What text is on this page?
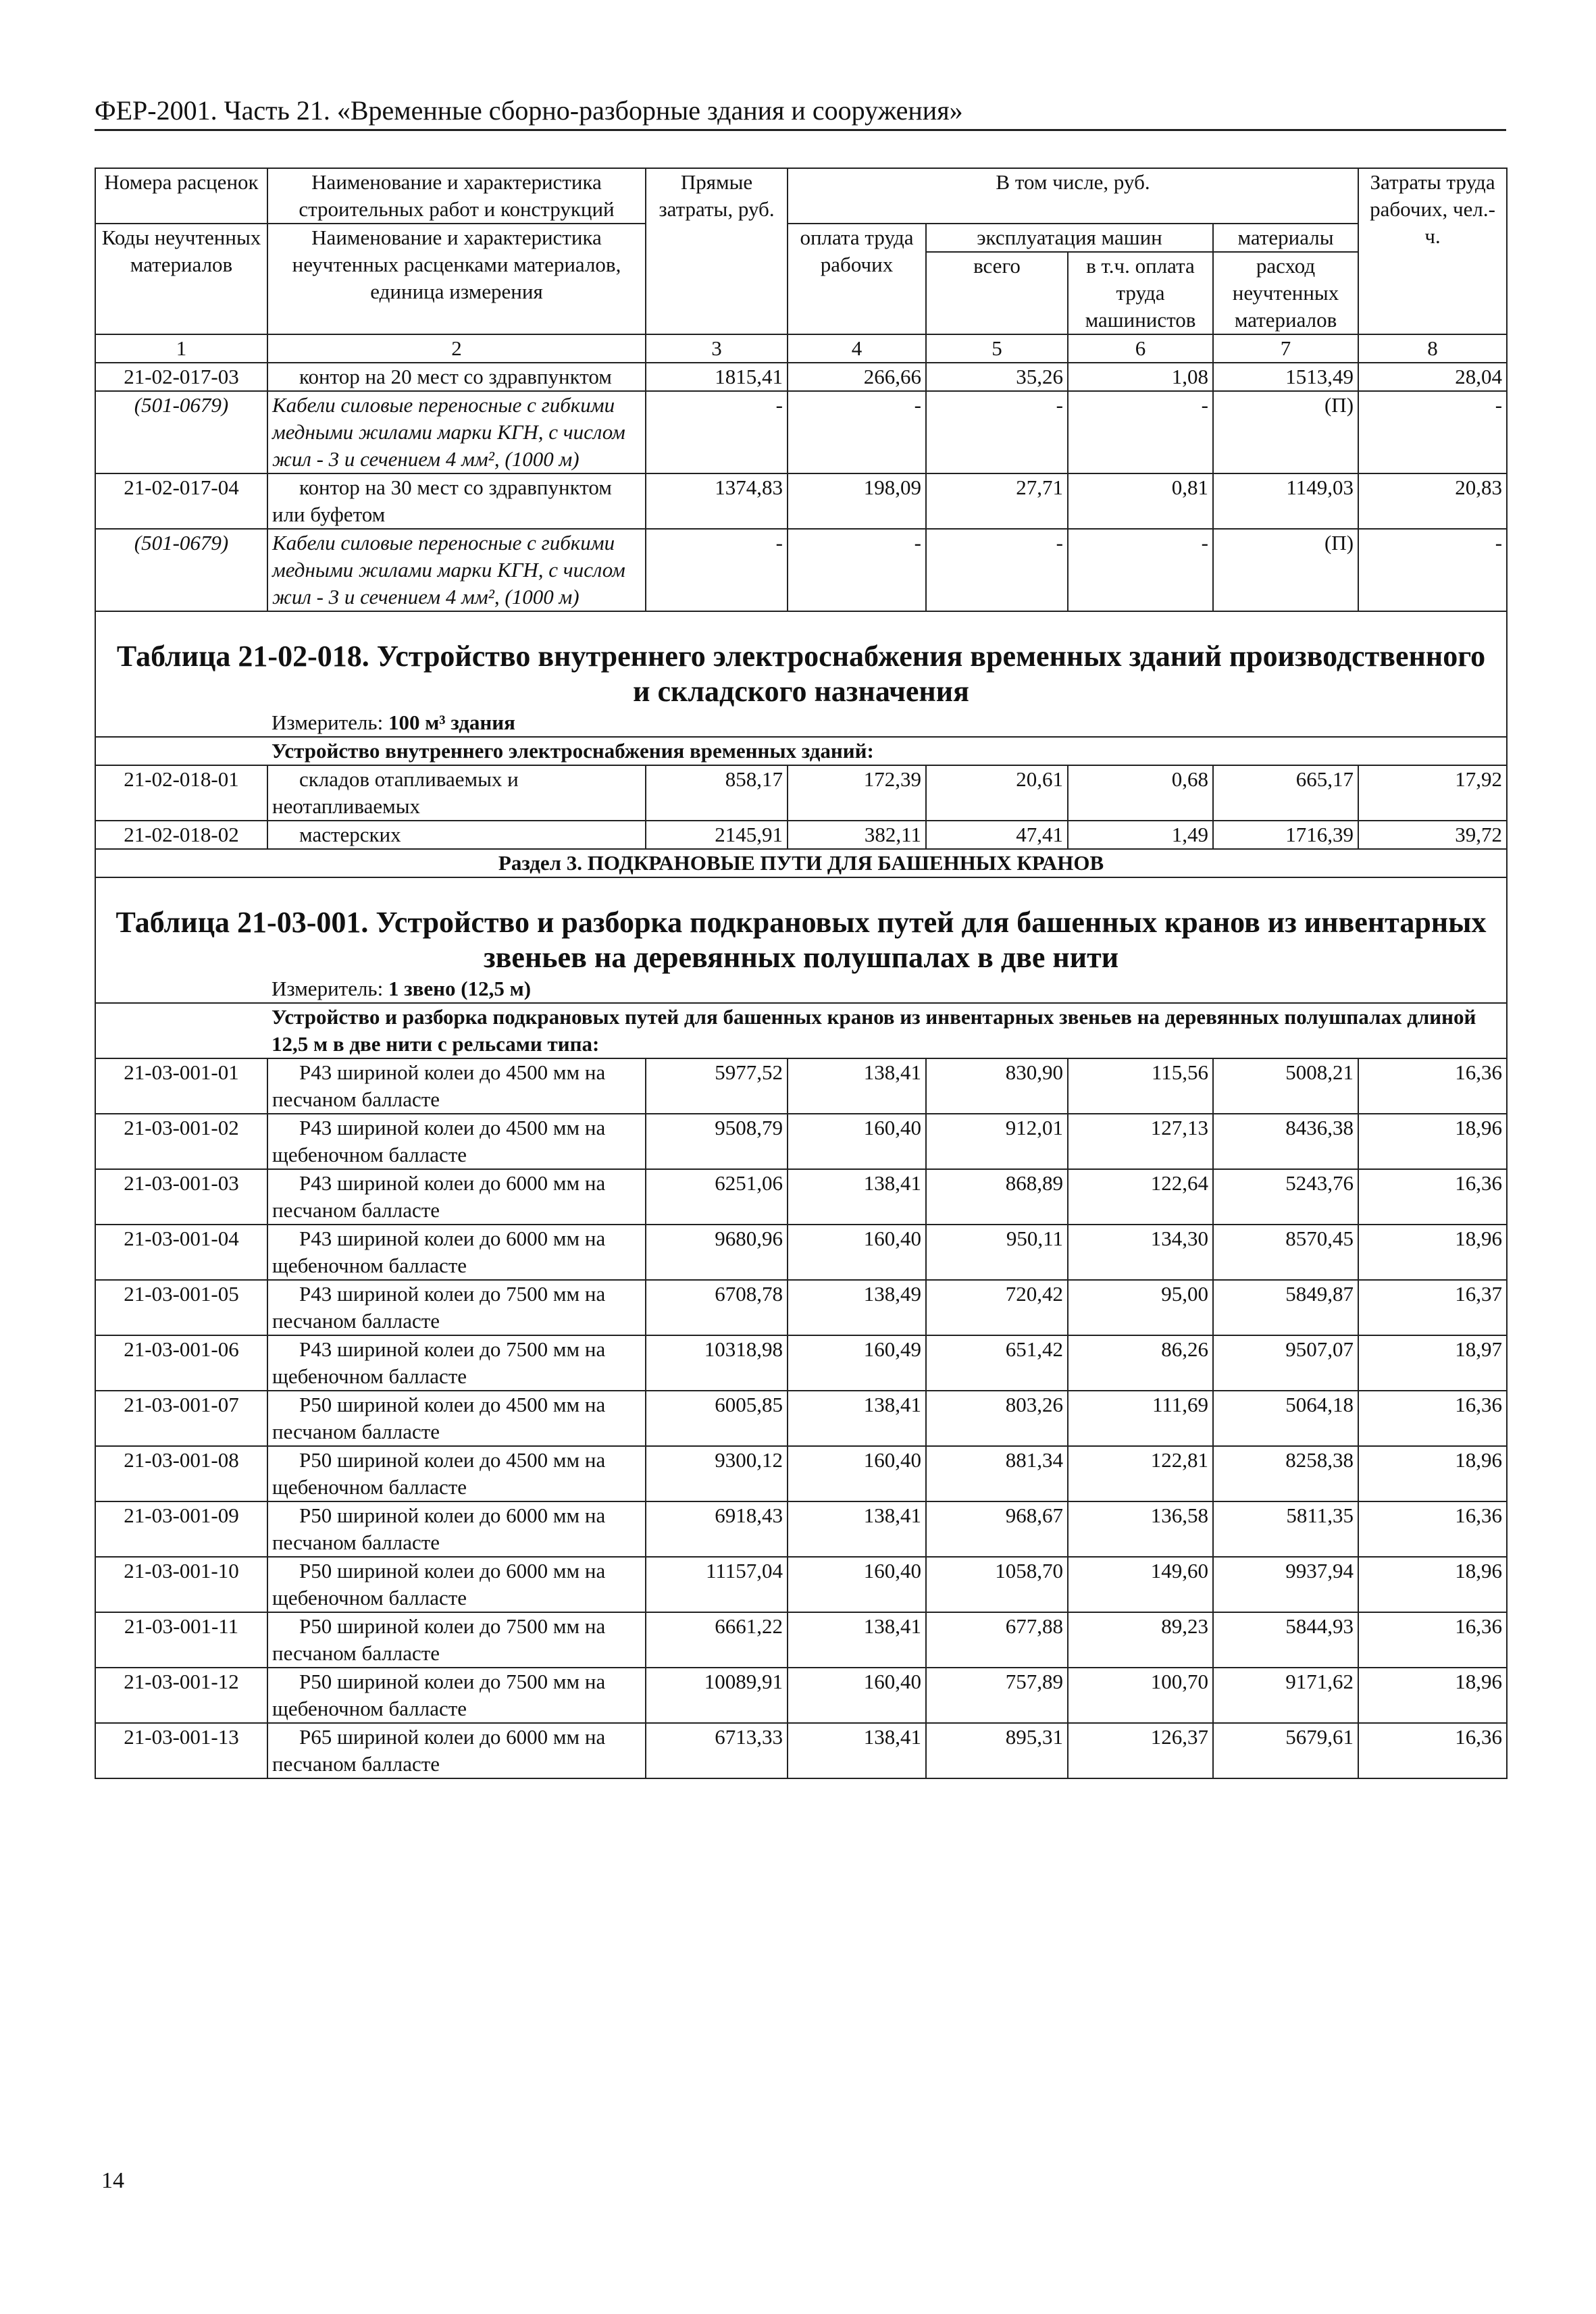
ФЕР-2001. Часть 21. «Временные сборно-разборные здания и сооружения»
Номера расценок	Наименование и характеристика строительных работ и конструкций	Прямые затраты, руб.	В том числе, руб.				Затраты труда рабочих, чел.-ч.
Коды неучтенных материалов	Наименование и характеристика неучтенных расценками материалов, единица измерения		оплата труда рабочих	эксплуатация машин		материалы	
				всего	в т.ч. оплата труда машинистов	расход неучтенных материалов	
1	2	3	4	5	6	7	8
21-02-017-03	контор на 20 мест со здравпунктом	1815,41	266,66	35,26	1,08	1513,49	28,04
(501-0679)	Кабели силовые переносные с гибкими медными жилами марки КГН, с числом жил - 3 и сечением 4 мм², (1000 м)	-	-	-	-	(П)	-
21-02-017-04	контор на 30 мест со здравпунктом или буфетом	1374,83	198,09	27,71	0,81	1149,03	20,83
(501-0679)	Кабели силовые переносные с гибкими медными жилами марки КГН, с числом жил - 3 и сечением 4 мм², (1000 м)	-	-	-	-	(П)	-

Таблица 21-02-018. Устройство внутреннего электроснабжения временных зданий производственного и складского назначения
Измеритель: 100 м³ здания							

Устройство внутреннего электроснабжения временных зданий:							
21-02-018-01	складов отапливаемых и неотапливаемых	858,17	172,39	20,61	0,68	665,17	17,92
21-02-018-02	мастерских	2145,91	382,11	47,41	1,49	1716,39	39,72
Раздел 3. ПОДКРАНОВЫЕ ПУТИ ДЛЯ БАШЕННЫХ КРАНОВ							

Таблица 21-03-001. Устройство и разборка подкрановых путей для башенных кранов из инвентарных звеньев на деревянных полушпалах в две нити
Измеритель: 1 звено (12,5 м)							

Устройство и разборка подкрановых путей для башенных кранов из инвентарных звеньев на деревянных полушпалах длиной 12,5 м в две нити с рельсами типа:							
21-03-001-01	Р43 шириной колеи до 4500 мм на песчаном балласте	5977,52	138,41	830,90	115,56	5008,21	16,36
21-03-001-02	Р43 шириной колеи до 4500 мм на щебеночном балласте	9508,79	160,40	912,01	127,13	8436,38	18,96
21-03-001-03	Р43 шириной колеи до 6000 мм на песчаном балласте	6251,06	138,41	868,89	122,64	5243,76	16,36
21-03-001-04	Р43 шириной колеи до 6000 мм на щебеночном балласте	9680,96	160,40	950,11	134,30	8570,45	18,96
21-03-001-05	Р43 шириной колеи до 7500 мм на песчаном балласте	6708,78	138,49	720,42	95,00	5849,87	16,37
21-03-001-06	Р43 шириной колеи до 7500 мм на щебеночном балласте	10318,98	160,49	651,42	86,26	9507,07	18,97
21-03-001-07	Р50 шириной колеи до 4500 мм на песчаном балласте	6005,85	138,41	803,26	111,69	5064,18	16,36
21-03-001-08	Р50 шириной колеи до 4500 мм на щебеночном балласте	9300,12	160,40	881,34	122,81	8258,38	18,96
21-03-001-09	Р50 шириной колеи до 6000 мм на песчаном балласте	6918,43	138,41	968,67	136,58	5811,35	16,36
21-03-001-10	Р50 шириной колеи до 6000 мм на щебеночном балласте	11157,04	160,40	1058,70	149,60	9937,94	18,96
21-03-001-11	Р50 шириной колеи до 7500 мм на песчаном балласте	6661,22	138,41	677,88	89,23	5844,93	16,36
21-03-001-12	Р50 шириной колеи до 7500 мм на щебеночном балласте	10089,91	160,40	757,89	100,70	9171,62	18,96
21-03-001-13	Р65 шириной колеи до 6000 мм на песчаном балласте	6713,33	138,41	895,31	126,37	5679,61	16,36
14
